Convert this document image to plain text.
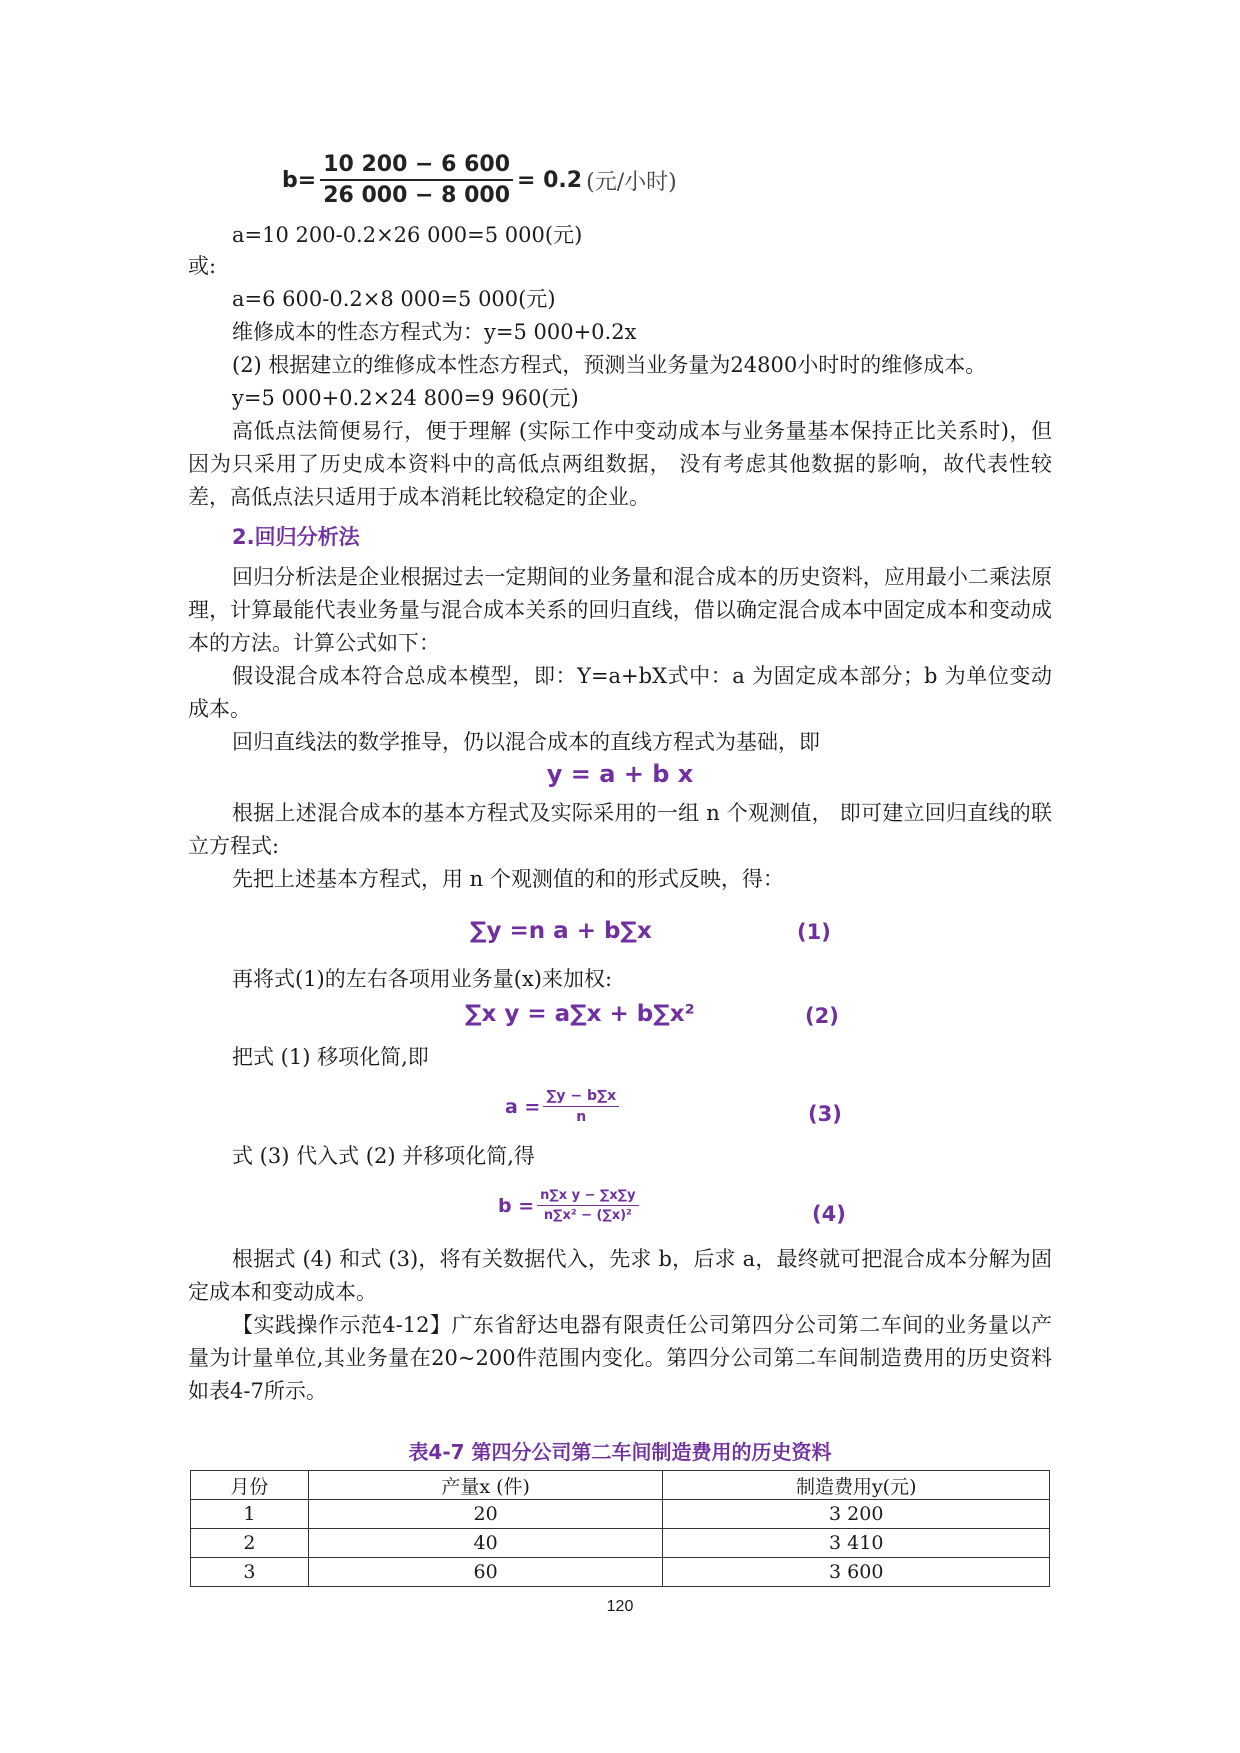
$b= \frac{10 200 - 6 600}{26 000 - 8 000} = 0.2$ (元/小时)
a=10 200-0.2×26 000=5 000(元)
或:
a=6 600-0.2×8 000=5 000(元)
维修成本的性态方程式为：y=5 000+0.2x
(2) 根据建立的维修成本性态方程式，预测当业务量为24800小时时的维修成本。
y=5 000+0.2×24 800=9 960(元)
高低点法简便易行，便于理解 (实际工作中变动成本与业务量基本保持正比关系时)，但因为只采用了历史成本资料中的高低点两组数据， 没有考虑其他数据的影响，故代表性较差，高低点法只适用于成本消耗比较稳定的企业。
2.回归分析法
回归分析法是企业根据过去一定期间的业务量和混合成本的历史资料，应用最小二乘法原理，计算最能代表业务量与混合成本关系的回归直线，借以确定混合成本中固定成本和变动成本的方法。计算公式如下：
假设混合成本符合总成本模型，即：Y=a+bX式中：a 为固定成本部分；b 为单位变动成本。
回归直线法的数学推导，仍以混合成本的直线方程式为基础，即
y = a + b x
根据上述混合成本的基本方程式及实际采用的一组 n 个观测值， 即可建立回归直线的联立方程式:
先把上述基本方程式，用 n 个观测值的和的形式反映，得：
∑y =n a + b∑x	(1)
再将式(1)的左右各项用业务量(x)来加权:
∑x y = a∑x + b∑x²	(2)
把式 (1) 移项化简,即
$a = \frac{\sum y - b\sum x}{n}$	(3)
式 (3) 代入式 (2) 并移项化简,得
$b = \frac{\text{n∑x y − ∑x∑y}}{\text{n∑x² − (∑x)²}}$	(4)
根据式 (4) 和式 (3)，将有关数据代入，先求 b，后求 a，最终就可把混合成本分解为固定成本和变动成本。
【实践操作示范4-12】广东省舒达电器有限责任公司第四分公司第二车间的业务量以产量为计量单位,其业务量在20~200件范围内变化。第四分公司第二车间制造费用的历史资料如表4-7所示。
表4-7 第四分公司第二车间制造费用的历史资料
月份	产量x (件)	制造费用y(元)
1	20	3 200
2	40	3 410
3	60	3 600
120
